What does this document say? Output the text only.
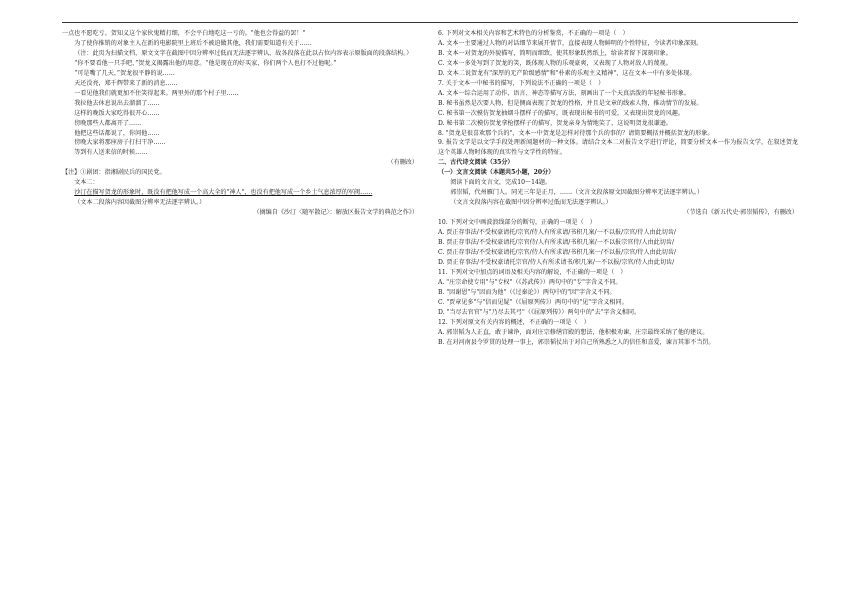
一点也不愿吃亏。贺知义这个家伙鬼精打细，不会平白地吃这一亏的。"他也会得益的罢！"

为了使你推销的对象主人在新的电影院里上班后不被迫做其他，我们需要知道有关于……

（注：此页为扫描文档，原文文字在截图中因分辨率过低而无法逐字辨认，故各段落在此以占位内容表示原版面的段落结构。）

“你不要看他一只手吧，”贺龙义揭露出他的用意。“他是现在的好买家，你们两个人也打不过他呢。”

“可是嘴了几天，”贺龙很平静的说……

天还没亮，郑千辉带来了新的消息……

一看见他我们就更加不住笑得起来。两里外的那个村子里……

我拉他去休息说出去溜溜了……

这样的晚饭大家吃得很开心……

傍晚那些人都离开了……

他把这些话都说了，你问他……

傍晚大家将那座房子打扫干净……

等到有人送来信的时候……

（有删改）

【注】①剧团：指湘剧民兵的国民党。

文本二：

沙汀在描写贺龙的形象时，既没有把他写成一个高大全的"神人"，也没有把他写成一个乡土气息浓厚的军阀……

（文本二段落内容因截图分辨率无法逐字辨认。）

（摘编自《沙汀〈随军散记〉：解放区报告文学的典范之作》）

6. 下列对文本相关内容和艺术特色的分析鉴赏，不正确的一项是（　）

A. 文本一主要通过人物的对话细节来展开情节，直接表现人物鲜明的个性特征，令读者印象深刻。

B. 文本一对贺龙的外貌描写，简明而细致，使其形象跃然纸上，给读者留下深刻印象。

C. 文本一多处写到了贺龙的笑，既体现人物的乐观豪爽，又表现了人物对敌人的蔑视。

D. 文本二说贺龙有"深厚的无产阶级感情"和"朴素的乐观主义精神"，这在文本一中有多处体现。

7. 关于文本一中秘书的描写，下列说法不正确的一项是（　）

A. 文本一综合运用了动作、语言、神态等描写方法，刻画出了一个天真活泼的年轻秘书形象。

B. 秘书虽然是次要人物，但是侧面表现了贺龙的性格，并且是文章的线索人物，推动情节的发展。

C. 秘书第一次模仿贺龙抽烟斗摆样子的描写，既表现出秘书的可爱，又表现出贺龙的风趣。

D. 秘书第二次模仿贺龙拿枪摆样子的描写，贺龙亲身为情地笑了，这说明贺龙很谦逊。

8. "贺龙是很喜欢那个兵的"，文本一中贺龙是怎样对待那个兵的事的？请简要概括并概括贺龙的形象。

9. 报告文学是以文学手段处理新闻题材的一种文体。请结合文本二对报告文学进行评论，简要分析文本一作为报告文学，在叙述贺龙这个英雄人物时体现的真实性与文学性的特征。

二、古代诗文阅读（35分）

（一）文言文阅读（本题共5小题，20分）

阅读下面的文言文，完成10～14题。

郭崇韬，代州雁门人。同光三年是正月，……（文言文段落原文因截图分辨率无法逐字辨认。）

（文言文段落内容在截图中因分辨率过低而无法逐字辨认。）

（节选自《新五代史·郭崇韬传》，有删改）

10. 下列对文中画波浪线部分的断句，正确的一项是（　）

A. 贾正存事法/不受权豪请托/宗官/侍人有所求请/书积几案/一不以报/宗官/侍人由此切齿/

B. 贾正存事法/不受权豪请托/宗官侍/人有所求请/书积几案/一不以报宗官侍/人由此切齿/

C. 贾正存事法/不受权豪请托/宗官/侍人有所求请/书积几案一/不以报/宗官/侍人由此切齿/

D. 贾正存事法/不受权豪请托宗官/侍人有所求请书/积几案/一不以报/宗官/侍人由此切齿/

11. 下列对文中加点的词语及相关内容的解说，不正确的一项是（　）

A. "庄宗命使专用"与"专权"（《苏武传》）两句中的"专"字含义不同。

B. "因谢恩"与"因而为他"（《过秦论》）两句中的"因"字含义不同。

C. "贾章见多"与"信而见疑"（《屈原列传》）两句中的"见"字含义相同。

D. "当尽去官官"与"乃尽去其弓"（《屈原列传》）两句中的"去"字含义相同。

12. 下列对原文有关内容的概述，不正确的一项是（　）

A. 郭崇韬为人正直，敢于谏诤，面对庄宗修缮宫殿的想法，他积极劝谏，庄宗最终采纳了他的建议。

B. 在对河南县令罗贯的处理一事上，郭崇韬仗出于对自己所熟悉之人的信任和喜爱，谏言其罪不当罚。
